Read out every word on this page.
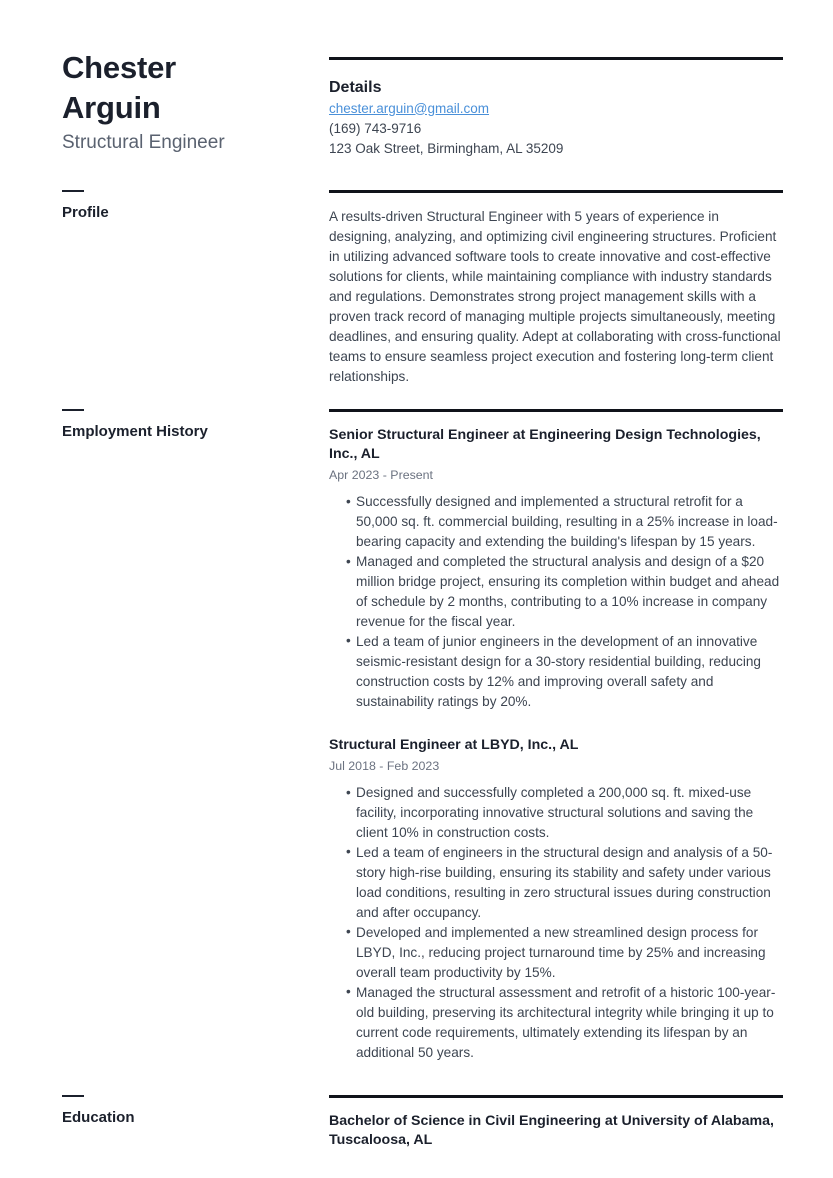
Chester
Arguin
Structural Engineer
Details
chester.arguin@gmail.com
(169) 743-9716
123 Oak Street, Birmingham, AL 35209
Profile	A results-driven Structural Engineer with 5 years of experience in designing, analyzing, and optimizing civil engineering structures. Proficient in utilizing advanced software tools to create innovative and cost-effective solutions for clients, while maintaining compliance with industry standards and regulations. Demonstrates strong project management skills with a proven track record of managing multiple projects simultaneously, meeting deadlines, and ensuring quality. Adept at collaborating with cross-functional teams to ensure seamless project execution and fostering long-term client relationships.
Employment History	Senior Structural Engineer at Engineering Design Technologies, Inc., AL
Apr 2023 - Present
• Successfully designed and implemented a structural retrofit for a 50,000 sq. ft. commercial building, resulting in a 25% increase in load-bearing capacity and extending the building's lifespan by 15 years.
• Managed and completed the structural analysis and design of a $20 million bridge project, ensuring its completion within budget and ahead of schedule by 2 months, contributing to a 10% increase in company revenue for the fiscal year.
• Led a team of junior engineers in the development of an innovative seismic-resistant design for a 30-story residential building, reducing construction costs by 12% and improving overall safety and sustainability ratings by 20%.
Structural Engineer at LBYD, Inc., AL
Jul 2018 - Feb 2023
• Designed and successfully completed a 200,000 sq. ft. mixed-use facility, incorporating innovative structural solutions and saving the client 10% in construction costs.
• Led a team of engineers in the structural design and analysis of a 50-story high-rise building, ensuring its stability and safety under various load conditions, resulting in zero structural issues during construction and after occupancy.
• Developed and implemented a new streamlined design process for LBYD, Inc., reducing project turnaround time by 25% and increasing overall team productivity by 15%.
• Managed the structural assessment and retrofit of a historic 100-year-old building, preserving its architectural integrity while bringing it up to current code requirements, ultimately extending its lifespan by an additional 50 years.
Education	Bachelor of Science in Civil Engineering at University of Alabama, Tuscaloosa, AL
